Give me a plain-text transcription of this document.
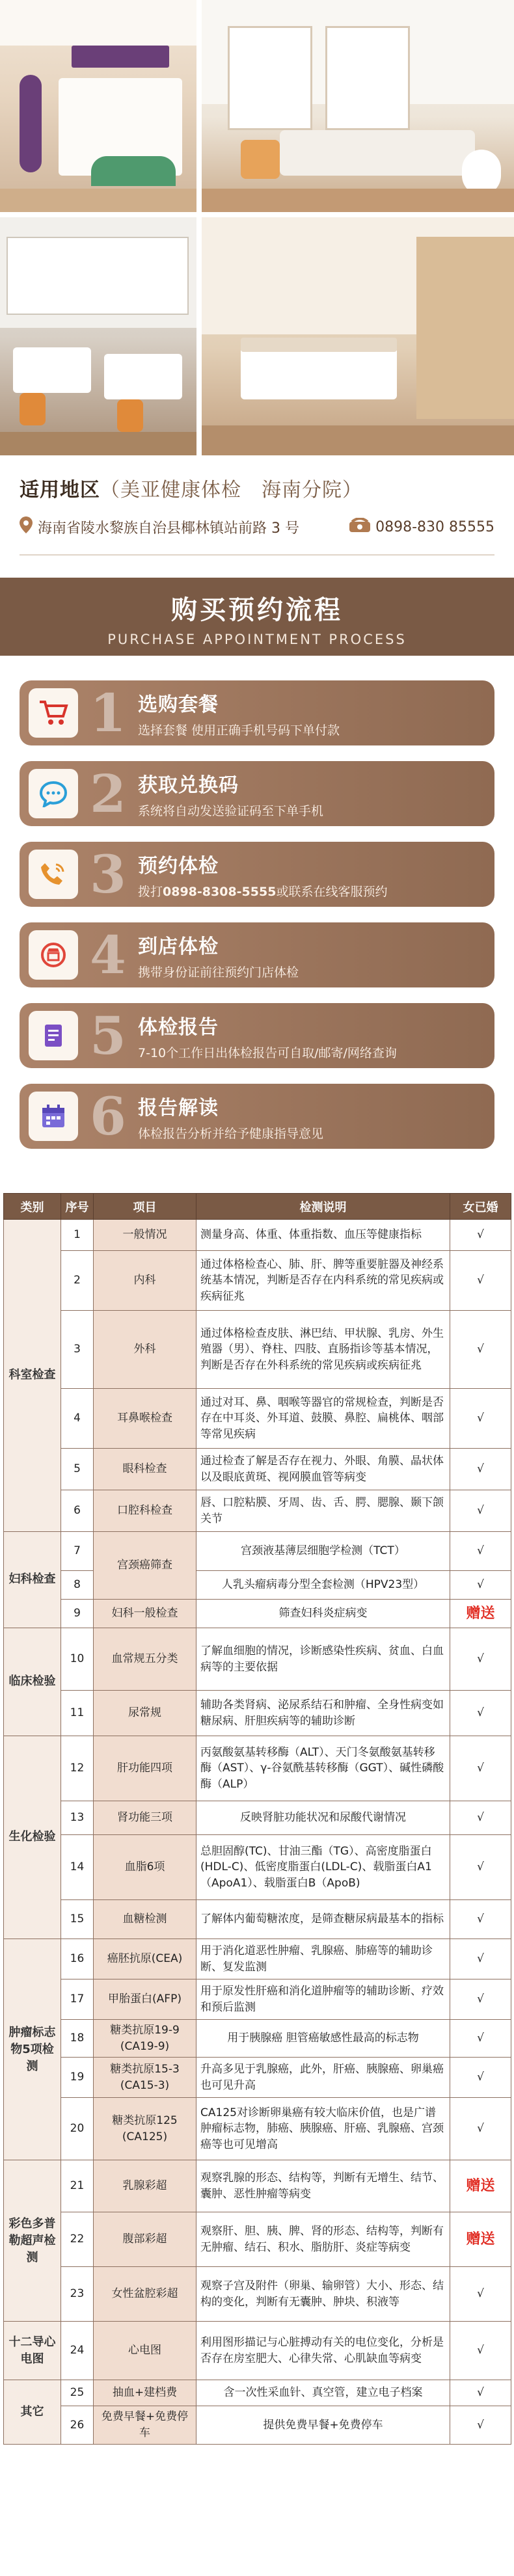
适用地区（美亚健康体检　海南分院）
海南省陵水黎族自治县椰林镇站前路 3 号	0898-830 85555
购买预约流程
PURCHASE APPOINTMENT PROCESS
1 选购套餐
选择套餐 使用正确手机号码下单付款
2 获取兑换码
系统将自动发送验证码至下单手机
3 预约体检
拨打0898-8308-5555或联系在线客服预约
4 到店体检
携带身份证前往预约门店体检
5 体检报告
7-10个工作日出体检报告可自取/邮寄/网络查询
6 报告解读
体检报告分析并给予健康指导意见
类别	序号	项目	检测说明	女已婚
科室检查	1	一般情况	测量身高、体重、体重指数、血压等健康指标	√
	2	内科	通过体格检查心、肺、肝、脾等重要脏器及神经系统基本情况，判断是否存在内科系统的常见疾病或疾病征兆	√
	3	外科	通过体格检查皮肤、淋巴结、甲状腺、乳房、外生殖器（男）、脊柱、四肢、直肠指诊等基本情况，判断是否存在外科系统的常见疾病或疾病征兆	√
	4	耳鼻喉检查	通过对耳、鼻、咽喉等器官的常规检查，判断是否存在中耳炎、外耳道、鼓膜、鼻腔、扁桃体、咽部等常见疾病	√
	5	眼科检查	通过检查了解是否存在视力、外眼、角膜、晶状体以及眼底黄斑、视网膜血管等病变	√
	6	口腔科检查	唇、口腔粘膜、牙周、齿、舌、腭、腮腺、颞下颌关节	√
妇科检查	7	宫颈癌筛查	宫颈液基薄层细胞学检测（TCT）	√
	8		人乳头瘤病毒分型全套检测（HPV23型）	√
	9	妇科一般检查	筛查妇科炎症病变	赠送
临床检验	10	血常规五分类	了解血细胞的情况，诊断感染性疾病、贫血、白血病等的主要依据	√
	11	尿常规	辅助各类肾病、泌尿系结石和肿瘤、全身性病变如糖尿病、肝胆疾病等的辅助诊断	√
生化检验	12	肝功能四项	丙氨酸氨基转移酶（ALT）、天门冬氨酸氨基转移酶（AST）、γ-谷氨酰基转移酶（GGT）、碱性磷酸酶（ALP）	√
	13	肾功能三项	反映肾脏功能状况和尿酸代谢情况	√
	14	血脂6项	总胆固醇(TC)、甘油三酯（TG）、高密度脂蛋白(HDL-C)、低密度脂蛋白(LDL-C)、载脂蛋白A1（ApoA1）、载脂蛋白B（ApoB)	√
	15	血糖检测	了解体内葡萄糖浓度，是筛查糖尿病最基本的指标	√
肿瘤标志物5项检测	16	癌胚抗原(CEA)	用于消化道恶性肿瘤、乳腺癌、肺癌等的辅助诊断、复发监测	√
	17	甲胎蛋白(AFP)	用于原发性肝癌和消化道肿瘤等的辅助诊断、疗效和预后监测	√
	18	糖类抗原19-9 (CA19-9)	用于胰腺癌 胆管癌敏感性最高的标志物	√
	19	糖类抗原15-3 (CA15-3)	升高多见于乳腺癌，此外，肝癌、胰腺癌、卵巢癌也可见升高	√
	20	糖类抗原125 (CA125)	CA125对诊断卵巢癌有较大临床价值，也是广谱肿瘤标志物，肺癌、胰腺癌、肝癌、乳腺癌、宫颈癌等也可见增高	√
彩色多普勒超声检测	21	乳腺彩超	观察乳腺的形态、结构等，判断有无增生、结节、囊肿、恶性肿瘤等病变	赠送
	22	腹部彩超	观察肝、胆、胰、脾、肾的形态、结构等，判断有无肿瘤、结石、积水、脂肪肝、炎症等病变	赠送
	23	女性盆腔彩超	观察子宫及附件（卵巢、输卵管）大小、形态、结构的变化，判断有无囊肿、肿块、积液等	√
十二导心电图	24	心电图	利用图形描记与心脏搏动有关的电位变化，分析是否存在房室肥大、心律失常、心肌缺血等病变	√
其它	25	抽血+建档费	含一次性采血针、真空管，建立电子档案	√
	26	免费早餐+免费停车	提供免费早餐+免费停车	√
